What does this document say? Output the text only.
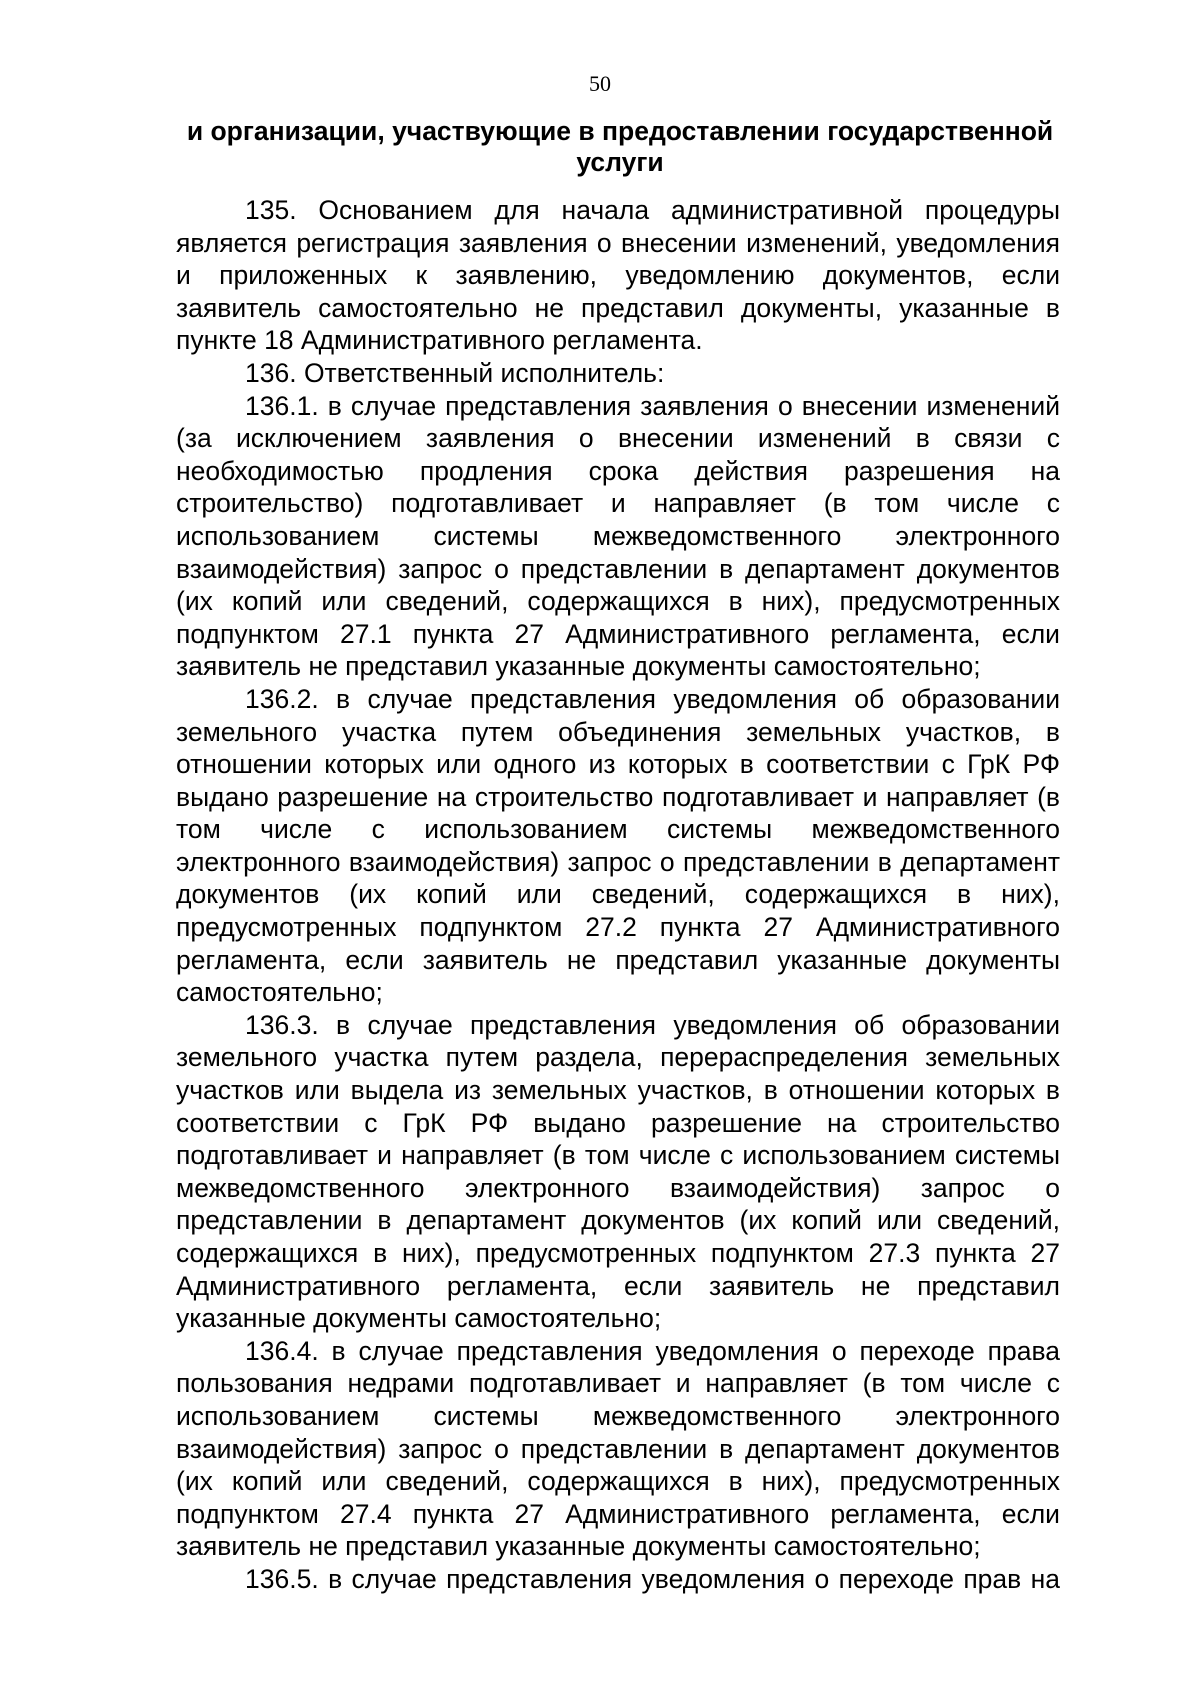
50
и организации, участвующие в предоставлении государственной услуги

135. Основанием для начала административной процедуры является регистрация заявления о внесении изменений, уведомления и приложенных к заявлению, уведомлению документов, если заявитель самостоятельно не представил документы, указанные в пункте 18 Административного регламента.

136. Ответственный исполнитель:

136.1. в случае представления заявления о внесении изменений (за исключением заявления о внесении изменений в связи с необходимостью продления срока действия разрешения на строительство) подготавливает и направляет (в том числе с использованием системы межведомственного электронного взаимодействия) запрос о представлении в департамент документов (их копий или сведений, содержащихся в них), предусмотренных подпунктом 27.1 пункта 27 Административного регламента, если заявитель не представил указанные документы самостоятельно;

136.2. в случае представления уведомления об образовании земельного участка путем объединения земельных участков, в отношении которых или одного из которых в соответствии с ГрК РФ выдано разрешение на строительство подготавливает и направляет (в том числе с использованием системы межведомственного электронного взаимодействия) запрос о представлении в департамент документов (их копий или сведений, содержащихся в них), предусмотренных подпунктом 27.2 пункта 27 Административного регламента, если заявитель не представил указанные документы самостоятельно;

136.3. в случае представления уведомления об образовании земельного участка путем раздела, перераспределения земельных участков или выдела из земельных участков, в отношении которых в соответствии с ГрК РФ выдано разрешение на строительство подготавливает и направляет (в том числе с использованием системы межведомственного электронного взаимодействия) запрос о представлении в департамент документов (их копий или сведений, содержащихся в них), предусмотренных подпунктом 27.3 пункта 27 Административного регламента, если заявитель не представил указанные документы самостоятельно;

136.4. в случае представления уведомления о переходе права пользования недрами подготавливает и направляет (в том числе с использованием системы межведомственного электронного взаимодействия) запрос о представлении в департамент документов (их копий или сведений, содержащихся в них), предусмотренных подпунктом 27.4 пункта 27 Административного регламента, если заявитель не представил указанные документы самостоятельно;

136.5. в случае представления уведомления о переходе прав на
